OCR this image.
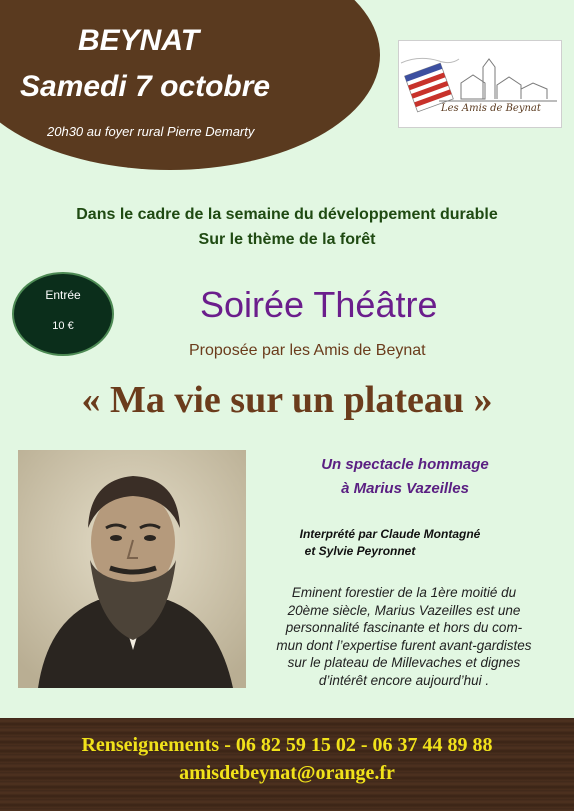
BEYNAT
Samedi 7 octobre
20h30 au foyer rural Pierre Demarty
Les Amis de Beynat
Dans le cadre de la semaine du développement durable
Sur le thème de la forêt
Entrée
10 €
Soirée Théâtre
Proposée par les Amis de Beynat
« Ma vie sur un plateau »
Un spectacle hommage
à Marius Vazeilles
Interprété par Claude Montagné
et Sylvie Peyronnet
Eminent forestier de la 1ère moitié du
20ème siècle, Marius Vazeilles est une
personnalité fascinante et hors du com-
mun dont l’expertise furent avant-gardistes
sur le plateau de Millevaches et dignes
d’intérêt encore aujourd’hui .
Renseignements - 06 82 59 15 02 - 06 37 44 89 88
amisdebeynat@orange.fr
